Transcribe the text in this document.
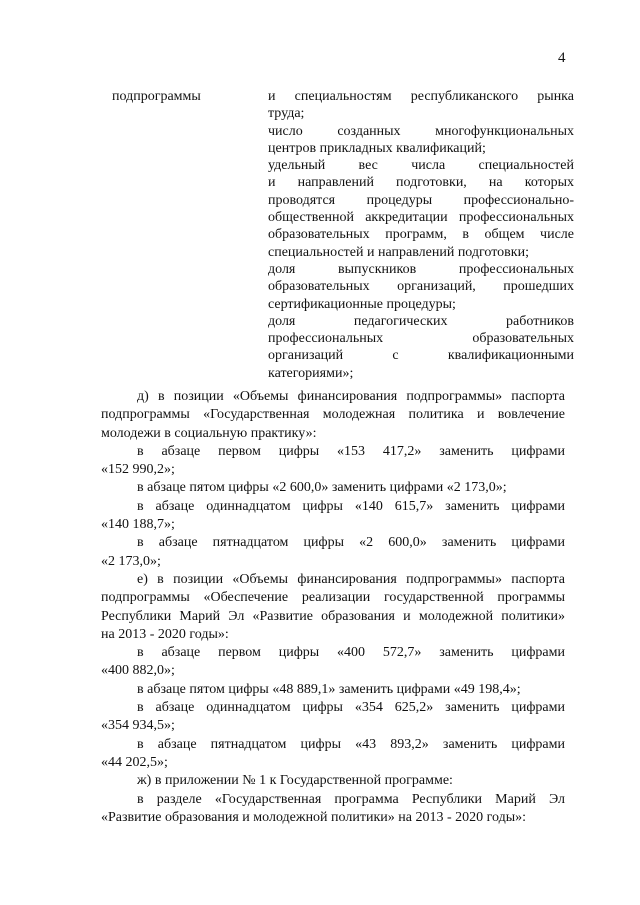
4
подпрограммы	и специальностям республиканского рынка
труда;
число созданных многофункциональных
центров прикладных квалификаций;
удельный вес числа специальностей
и направлений подготовки, на которых
проводятся процедуры профессионально-
общественной аккредитации профессиональных
образовательных программ, в общем числе
специальностей и направлений подготовки;
доля выпускников профессиональных
образовательных организаций, прошедших
сертификационные процедуры;
доля педагогических работников
профессиональных образовательных
организаций с квалификационными
категориями»;
д) в позиции «Объемы финансирования подпрограммы» паспорта
подпрограммы «Государственная молодежная политика и вовлечение
молодежи в социальную практику»:
в абзаце первом цифры «153 417,2» заменить цифрами
«152 990,2»;
в абзаце пятом цифры «2 600,0» заменить цифрами «2 173,0»;
в абзаце одиннадцатом цифры «140 615,7» заменить цифрами
«140 188,7»;
в абзаце пятнадцатом цифры «2 600,0» заменить цифрами
«2 173,0»;
е) в позиции «Объемы финансирования подпрограммы» паспорта
подпрограммы «Обеспечение реализации государственной программы
Республики Марий Эл «Развитие образования и молодежной политики»
на 2013 - 2020 годы»:
в абзаце первом цифры «400 572,7» заменить цифрами
«400 882,0»;
в абзаце пятом цифры «48 889,1» заменить цифрами «49 198,4»;
в абзаце одиннадцатом цифры «354 625,2» заменить цифрами
«354 934,5»;
в абзаце пятнадцатом цифры «43 893,2» заменить цифрами
«44 202,5»;
ж) в приложении № 1 к Государственной программе:
в разделе «Государственная программа Республики Марий Эл
«Развитие образования и молодежной политики» на 2013 - 2020 годы»:
